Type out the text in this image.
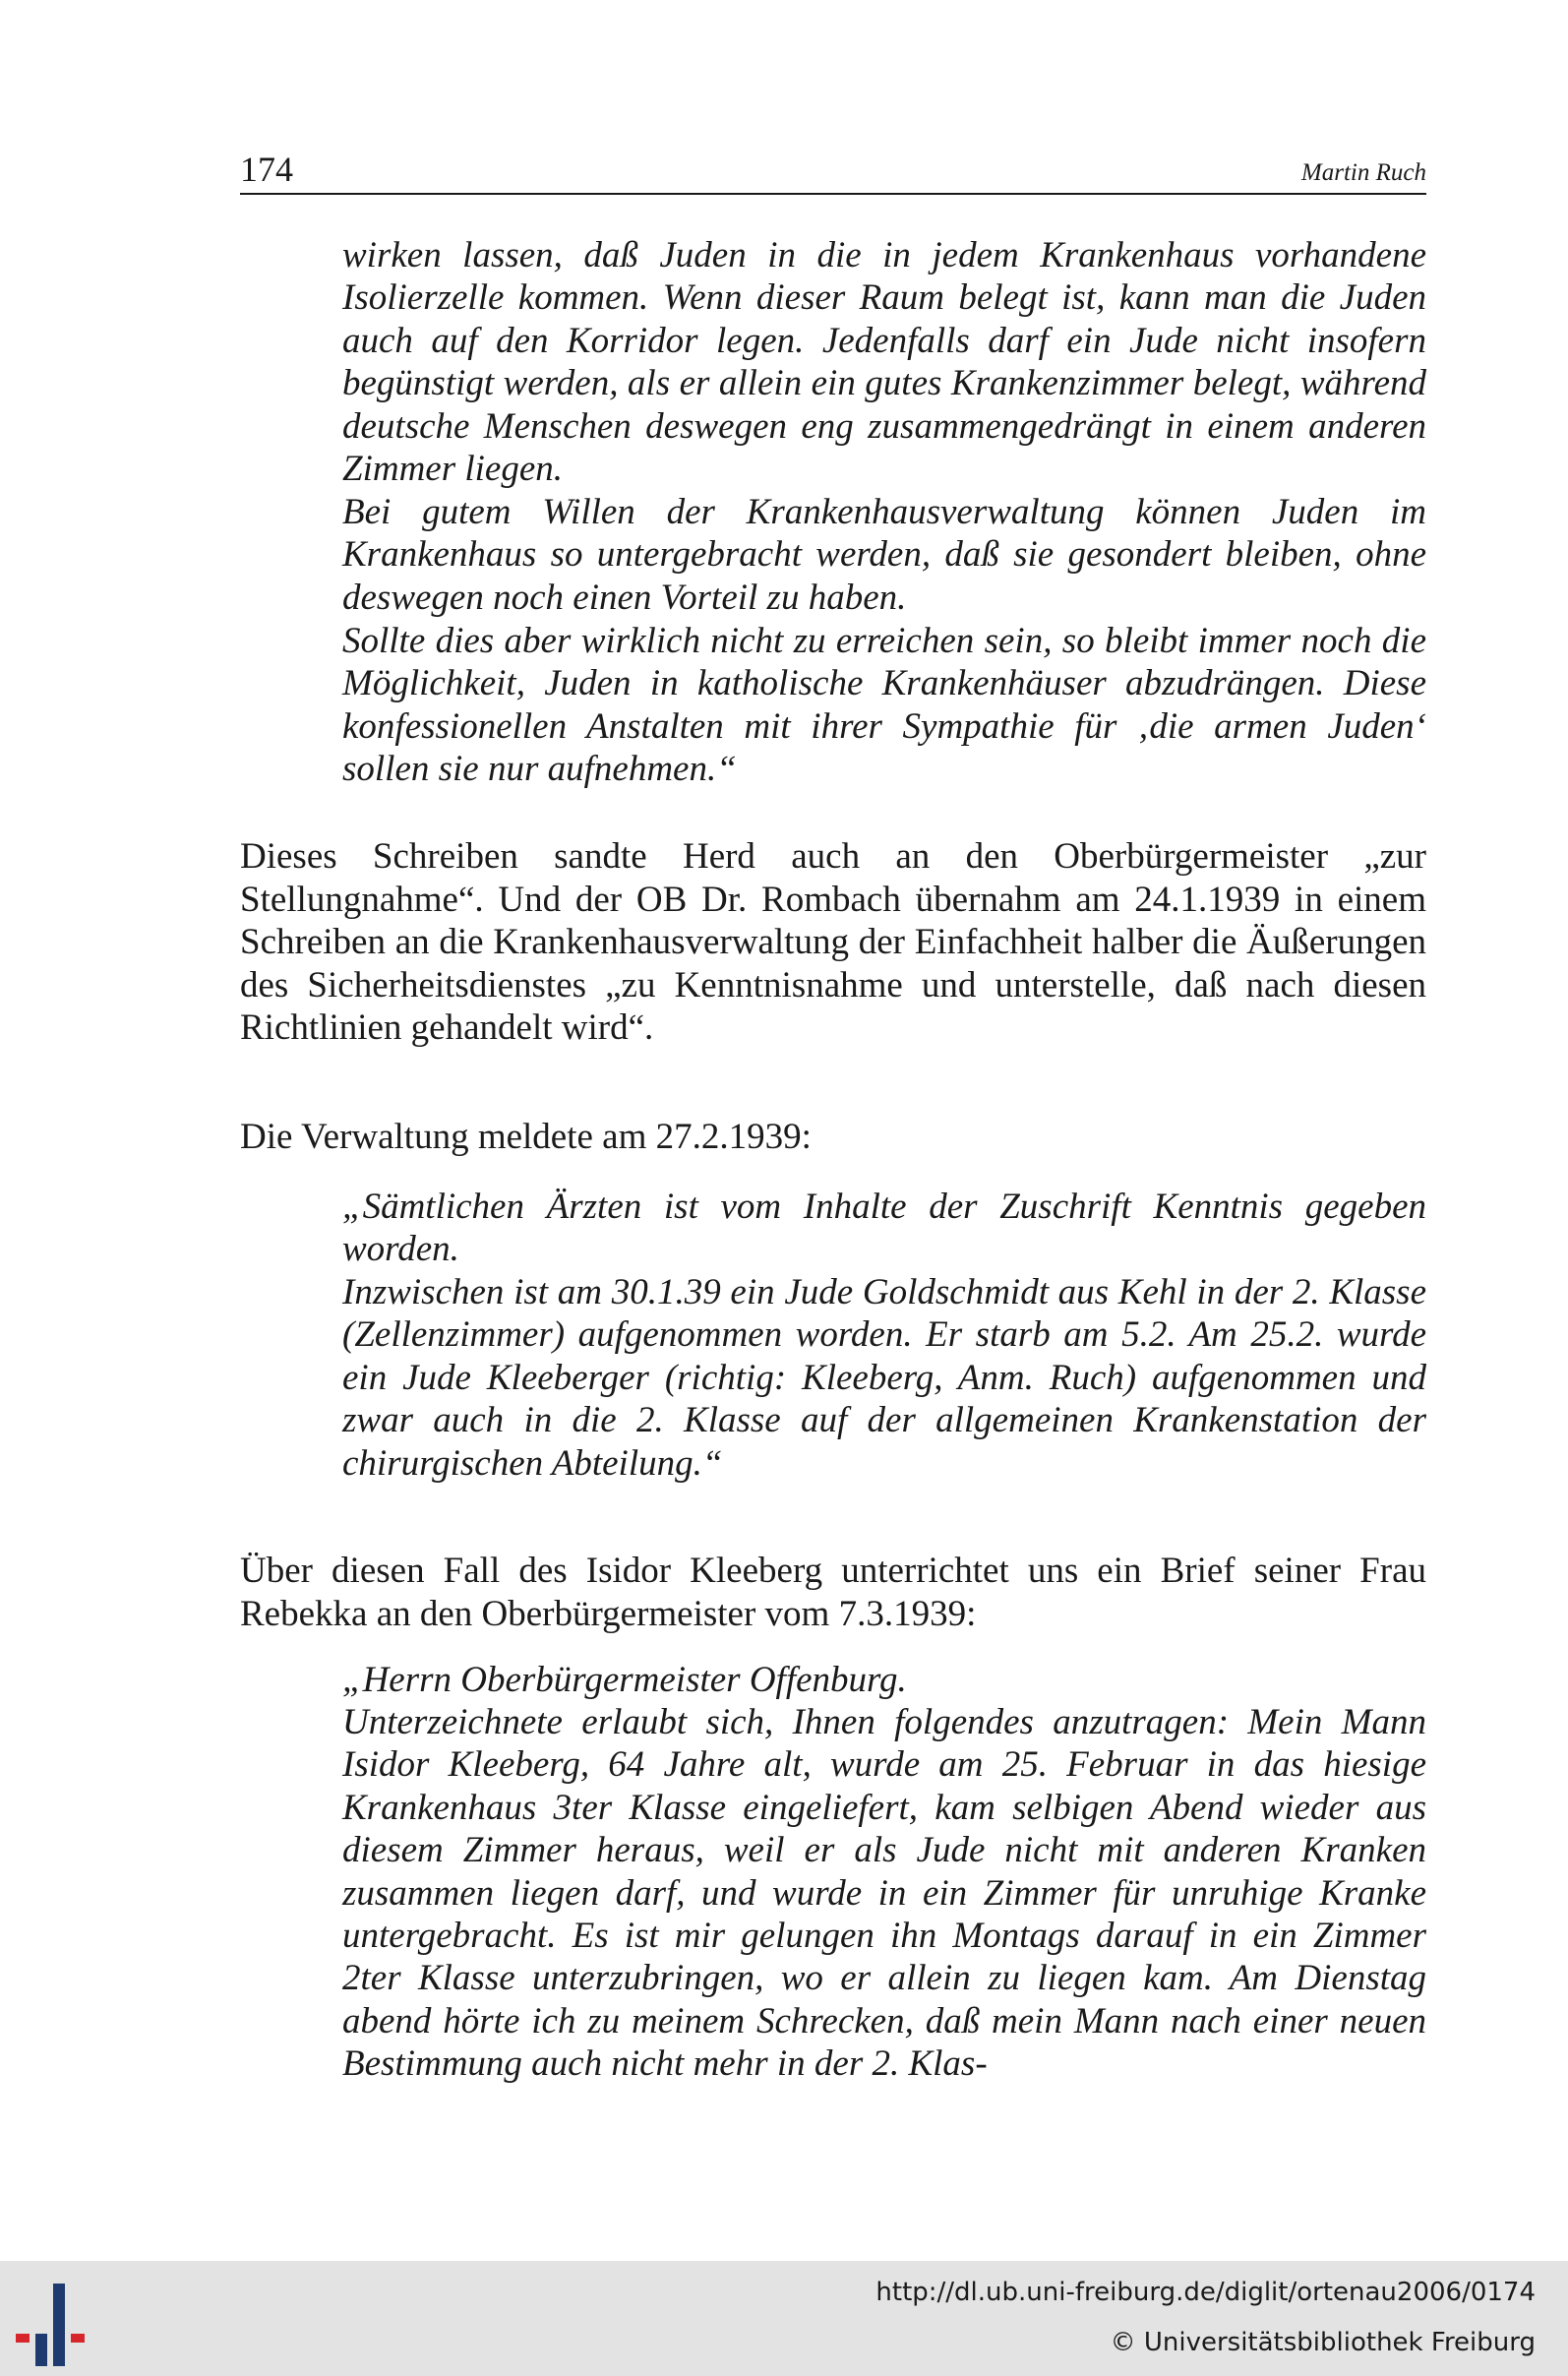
174	Martin Ruch

wirken lassen, daß Juden in die in jedem Krankenhaus vorhandene Isolierzelle kommen. Wenn dieser Raum belegt ist, kann man die Juden auch auf den Korridor legen. Jedenfalls darf ein Jude nicht insofern begünstigt werden, als er allein ein gutes Krankenzimmer belegt, während deutsche Menschen deswegen eng zusammengedrängt in einem anderen Zimmer liegen.

Bei gutem Willen der Krankenhausverwaltung können Juden im Krankenhaus so untergebracht werden, daß sie gesondert bleiben, ohne deswegen noch einen Vorteil zu haben.

Sollte dies aber wirklich nicht zu erreichen sein, so bleibt immer noch die Möglichkeit, Juden in katholische Krankenhäuser abzudrängen. Diese konfessionellen Anstalten mit ihrer Sympathie für ‚die armen Juden‘ sollen sie nur aufnehmen.“

Dieses Schreiben sandte Herd auch an den Oberbürgermeister „zur Stellungnahme“. Und der OB Dr. Rombach übernahm am 24.1.1939 in einem Schreiben an die Krankenhausverwaltung der Einfachheit halber die Äußerungen des Sicherheitsdienstes „zu Kenntnisnahme und unterstelle, daß nach diesen Richtlinien gehandelt wird“.

Die Verwaltung meldete am 27.2.1939:

„Sämtlichen Ärzten ist vom Inhalte der Zuschrift Kenntnis gegeben worden.

Inzwischen ist am 30.1.39 ein Jude Goldschmidt aus Kehl in der 2. Klasse (Zellenzimmer) aufgenommen worden. Er starb am 5.2. Am 25.2. wurde ein Jude Kleeberger (richtig: Kleeberg, Anm. Ruch) aufgenommen und zwar auch in die 2. Klasse auf der allgemeinen Krankenstation der chirurgischen Abteilung.“

Über diesen Fall des Isidor Kleeberg unterrichtet uns ein Brief seiner Frau Rebekka an den Oberbürgermeister vom 7.3.1939:

„Herrn Oberbürgermeister Offenburg.

Unterzeichnete erlaubt sich, Ihnen folgendes anzutragen: Mein Mann Isidor Kleeberg, 64 Jahre alt, wurde am 25. Februar in das hiesige Krankenhaus 3ter Klasse eingeliefert, kam selbigen Abend wieder aus diesem Zimmer heraus, weil er als Jude nicht mit anderen Kranken zusammen liegen darf, und wurde in ein Zimmer für unruhige Kranke untergebracht. Es ist mir gelungen ihn Montags darauf in ein Zimmer 2ter Klasse unterzubringen, wo er allein zu liegen kam. Am Dienstag abend hörte ich zu meinem Schrecken, daß mein Mann nach einer neuen Bestimmung auch nicht mehr in der 2. Klas-

http://dl.ub.uni-freiburg.de/diglit/ortenau2006/0174
© Universitätsbibliothek Freiburg
